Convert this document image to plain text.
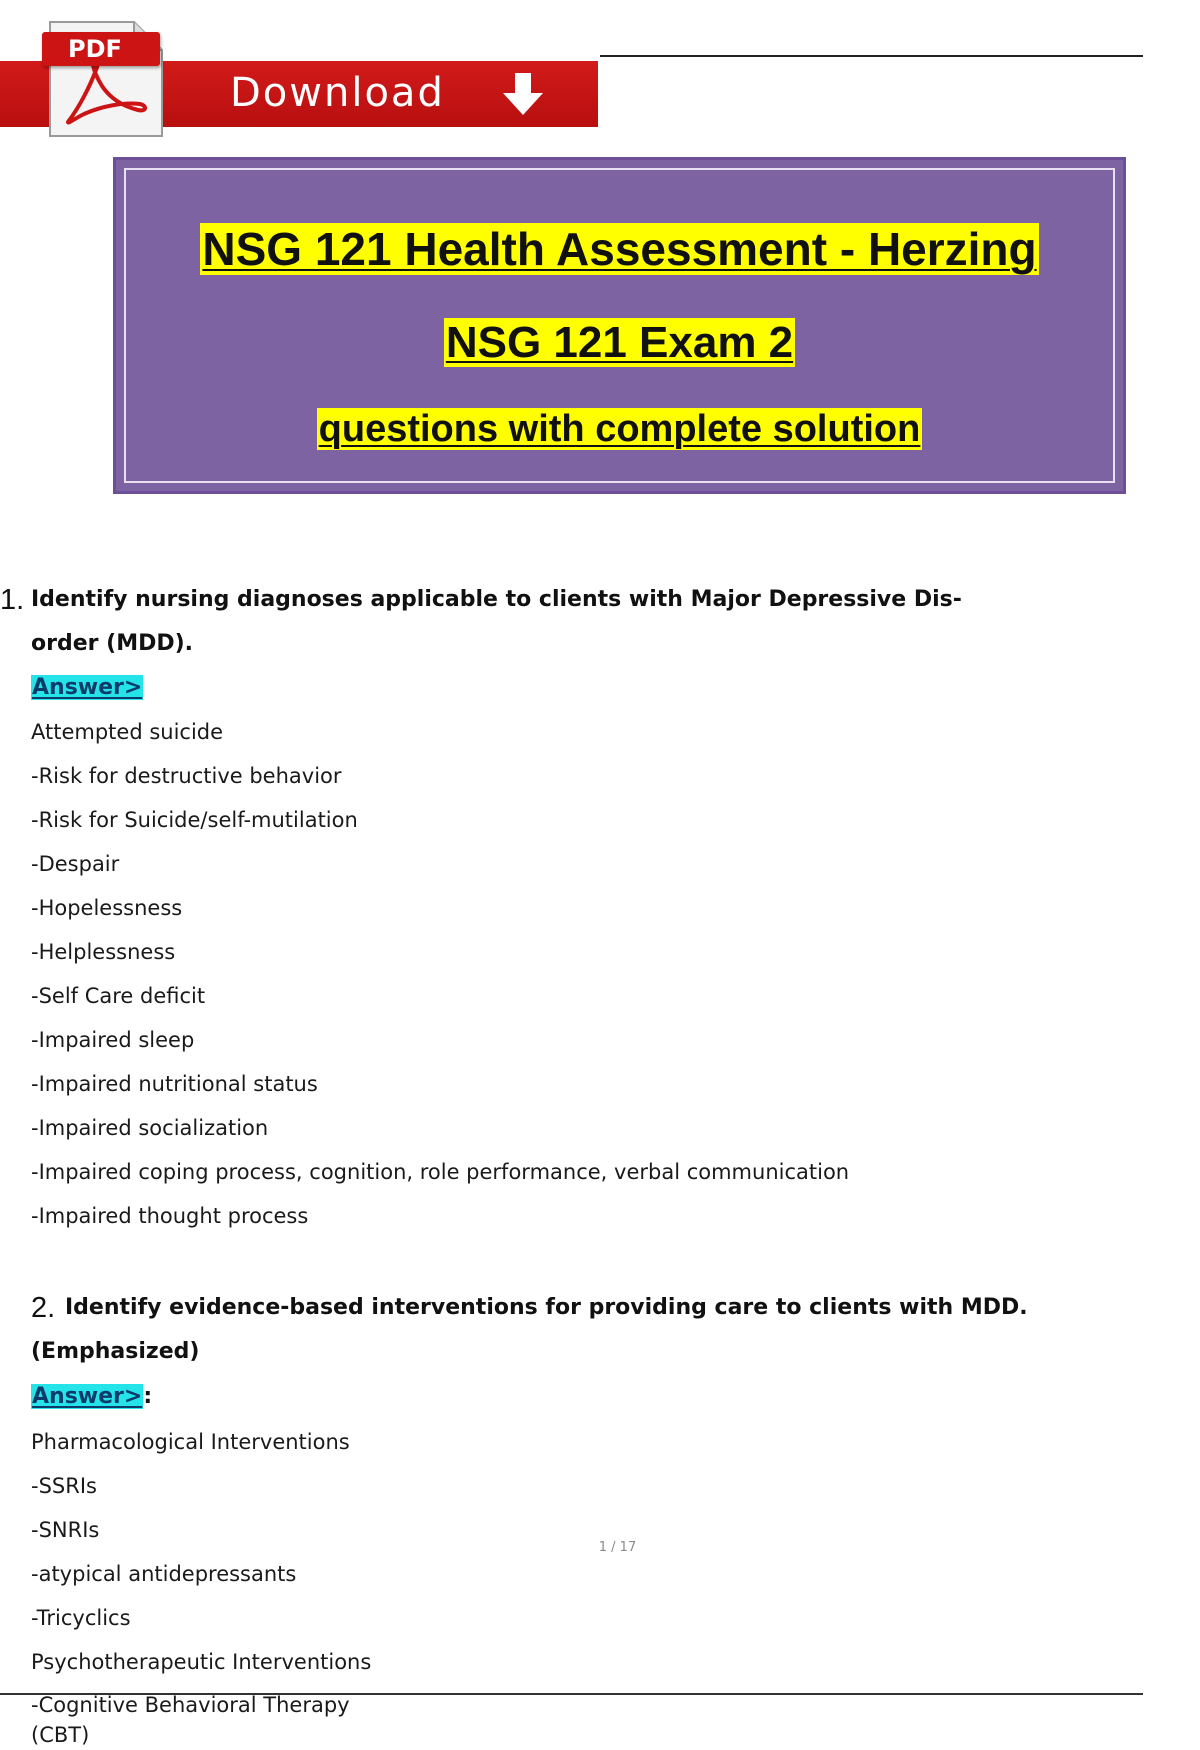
Download
PDF
NSG 121 Health Assessment - Herzing
NSG 121 Exam 2
questions with complete solution
1. Identify nursing diagnoses applicable to clients with Major Depressive Dis-
order (MDD).
Answer>
Attempted suicide
-Risk for destructive behavior
-Risk for Suicide/self-mutilation
-Despair
-Hopelessness
-Helplessness
-Self Care deficit
-Impaired sleep
-Impaired nutritional status
-Impaired socialization
-Impaired coping process, cognition, role performance, verbal communication
-Impaired thought process
2. Identify evidence-based interventions for providing care to clients with MDD.
(Emphasized)
Answer>:
Pharmacological Interventions
-SSRIs
-SNRIs
-atypical antidepressants
-Tricyclics
Psychotherapeutic Interventions
1 / 17
-Cognitive Behavioral Therapy (CBT)
